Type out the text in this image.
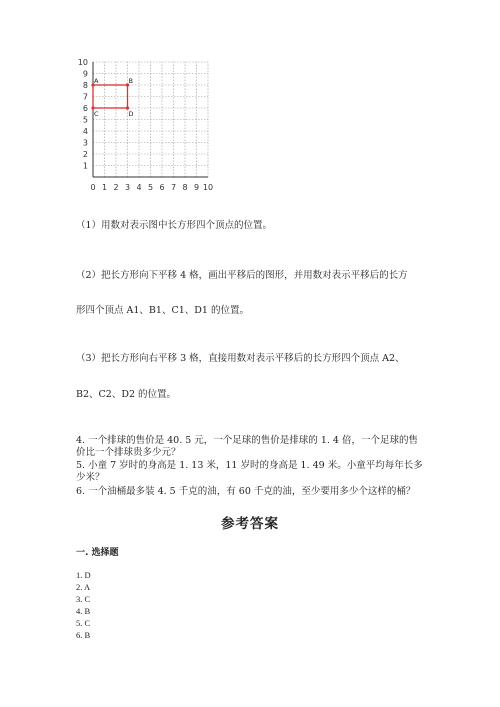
0 1 2 3 4 5 6 7 8 9 10
1
2
3
4
5
6
7
8
9
10
A	B
C	D
（1）用数对表示图中长方形四个顶点的位置。
（2）把长方形向下平移 4 格，画出平移后的图形，并用数对表示平移后的长方
形四个顶点 A1、B1、C1、D1 的位置。
（3）把长方形向右平移 3 格，直接用数对表示平移后的长方形四个顶点 A2、
B2、C2、D2 的位置。
4. 一个排球的售价是 40. 5 元，一个足球的售价是排球的 1. 4 倍，一个足球的售
价比一个排球贵多少元？
5. 小童 7 岁时的身高是 1. 13 米，11 岁时的身高是 1. 49 米。小童平均每年长多
少米？
6. 一个油桶最多装 4. 5 千克的油，有 60 千克的油，至少要用多少个这样的桶？
参考答案
一. 选择题
1. D
2. A
3. C
4. B
5. C
6. B
